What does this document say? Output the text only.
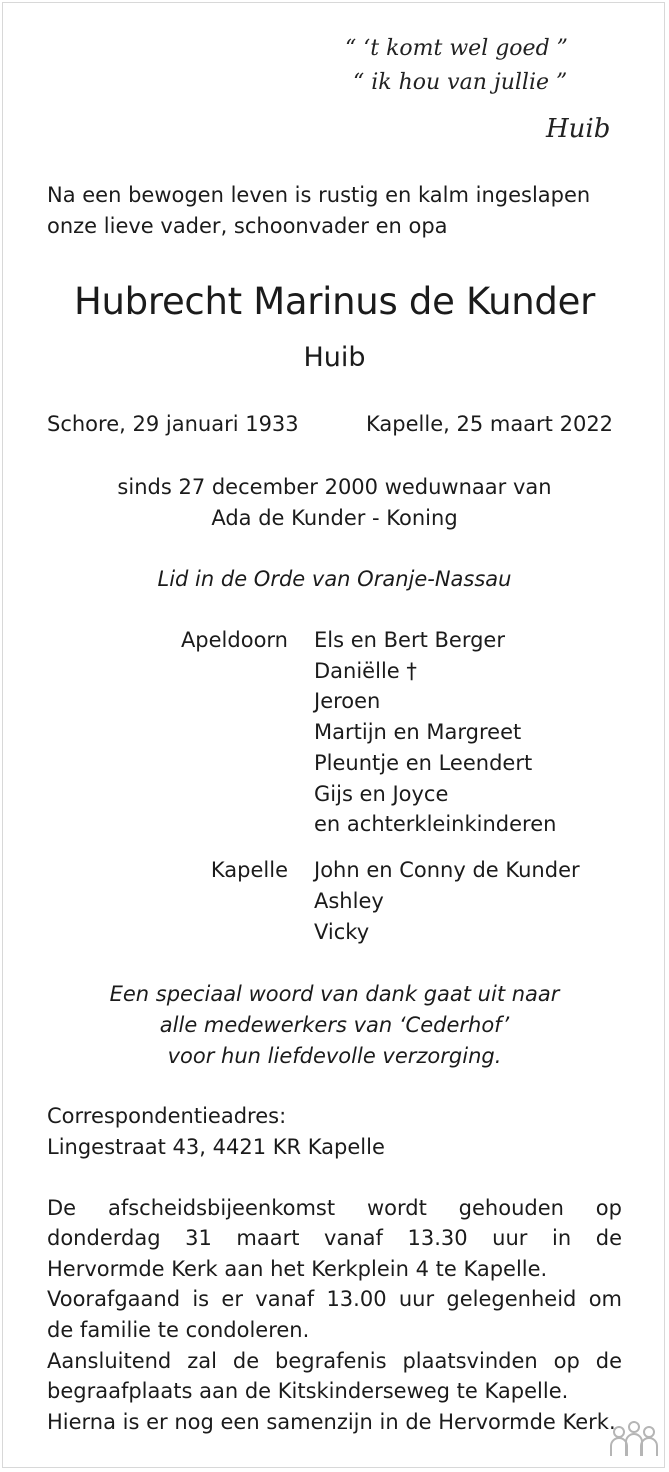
“ ‘t komt wel goed ”
“ ik hou van jullie ”
Huib
Na een bewogen leven is rustig en kalm ingeslapen
onze lieve vader, schoonvader en opa
Hubrecht Marinus de Kunder
Huib
Schore, 29 januari 1933	Kapelle, 25 maart 2022
sinds 27 december 2000 weduwnaar van
Ada de Kunder - Koning
Lid in de Orde van Oranje-Nassau
Apeldoorn Els en Bert Berger
Daniëlle †
Jeroen
Martijn en Margreet
Pleuntje en Leendert
Gijs en Joyce
en achterkleinkinderen
Kapelle John en Conny de Kunder
Ashley
Vicky
Een speciaal woord van dank gaat uit naar
alle medewerkers van ‘Cederhof’
voor hun liefdevolle verzorging.
Correspondentieadres:
Lingestraat 43, 4421 KR Kapelle
De afscheidsbijeenkomst wordt gehouden op
donderdag 31 maart vanaf 13.30 uur in de
Hervormde Kerk aan het Kerkplein 4 te Kapelle.
Voorafgaand is er vanaf 13.00 uur gelegenheid om
de familie te condoleren.
Aansluitend zal de begrafenis plaatsvinden op de
begraafplaats aan de Kitskinderseweg te Kapelle.
Hierna is er nog een samenzijn in de Hervormde Kerk.
